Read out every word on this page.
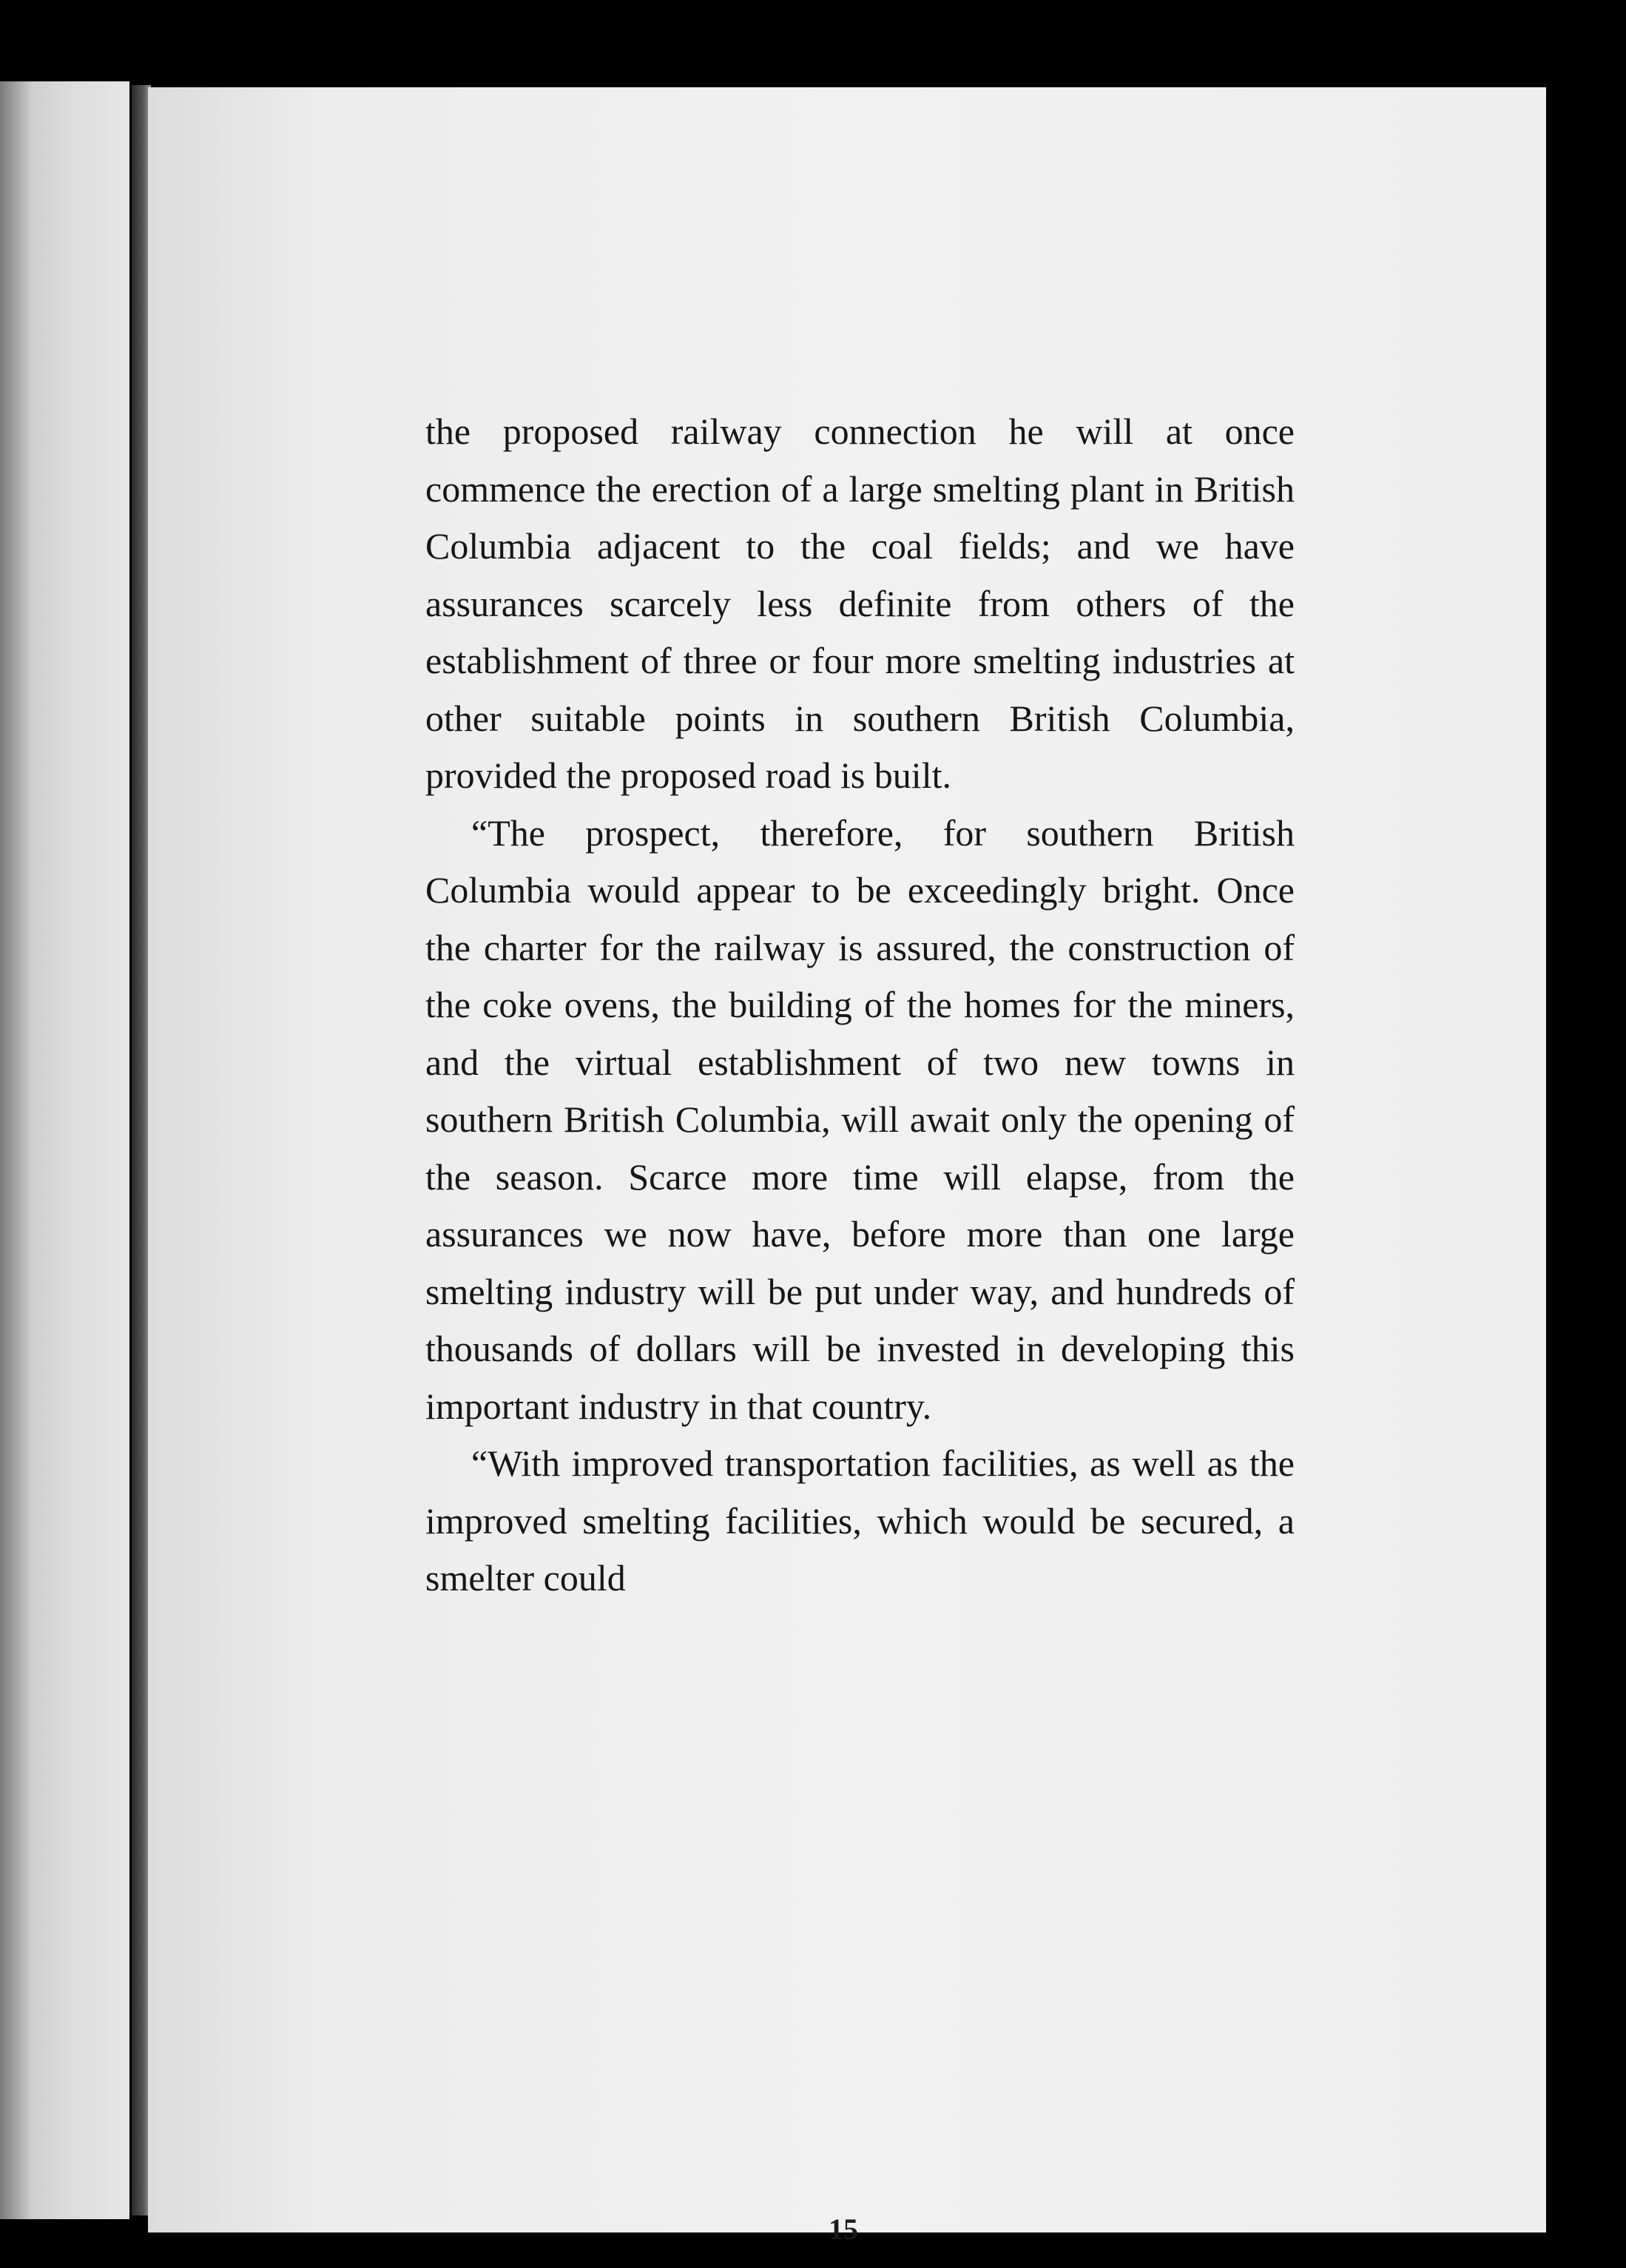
the proposed railway connection he will at once commence the erection of a large smelting plant in British Columbia adjacent to the coal fields; and we have assurances scarcely less definite from others of the establishment of three or four more smelting industries at other suitable points in southern British Columbia, provided the proposed road is built.

“The prospect, therefore, for southern British Columbia would appear to be exceedingly bright. Once the charter for the railway is assured, the construction of the coke ovens, the building of the homes for the miners, and the virtual establishment of two new towns in southern British Columbia, will await only the opening of the season. Scarce more time will elapse, from the assurances we now have, before more than one large smelting industry will be put under way, and hundreds of thousands of dollars will be invested in developing this important industry in that country.

“With improved transportation facilities, as well as the improved smelting facilities, which would be secured, a smelter could

15
